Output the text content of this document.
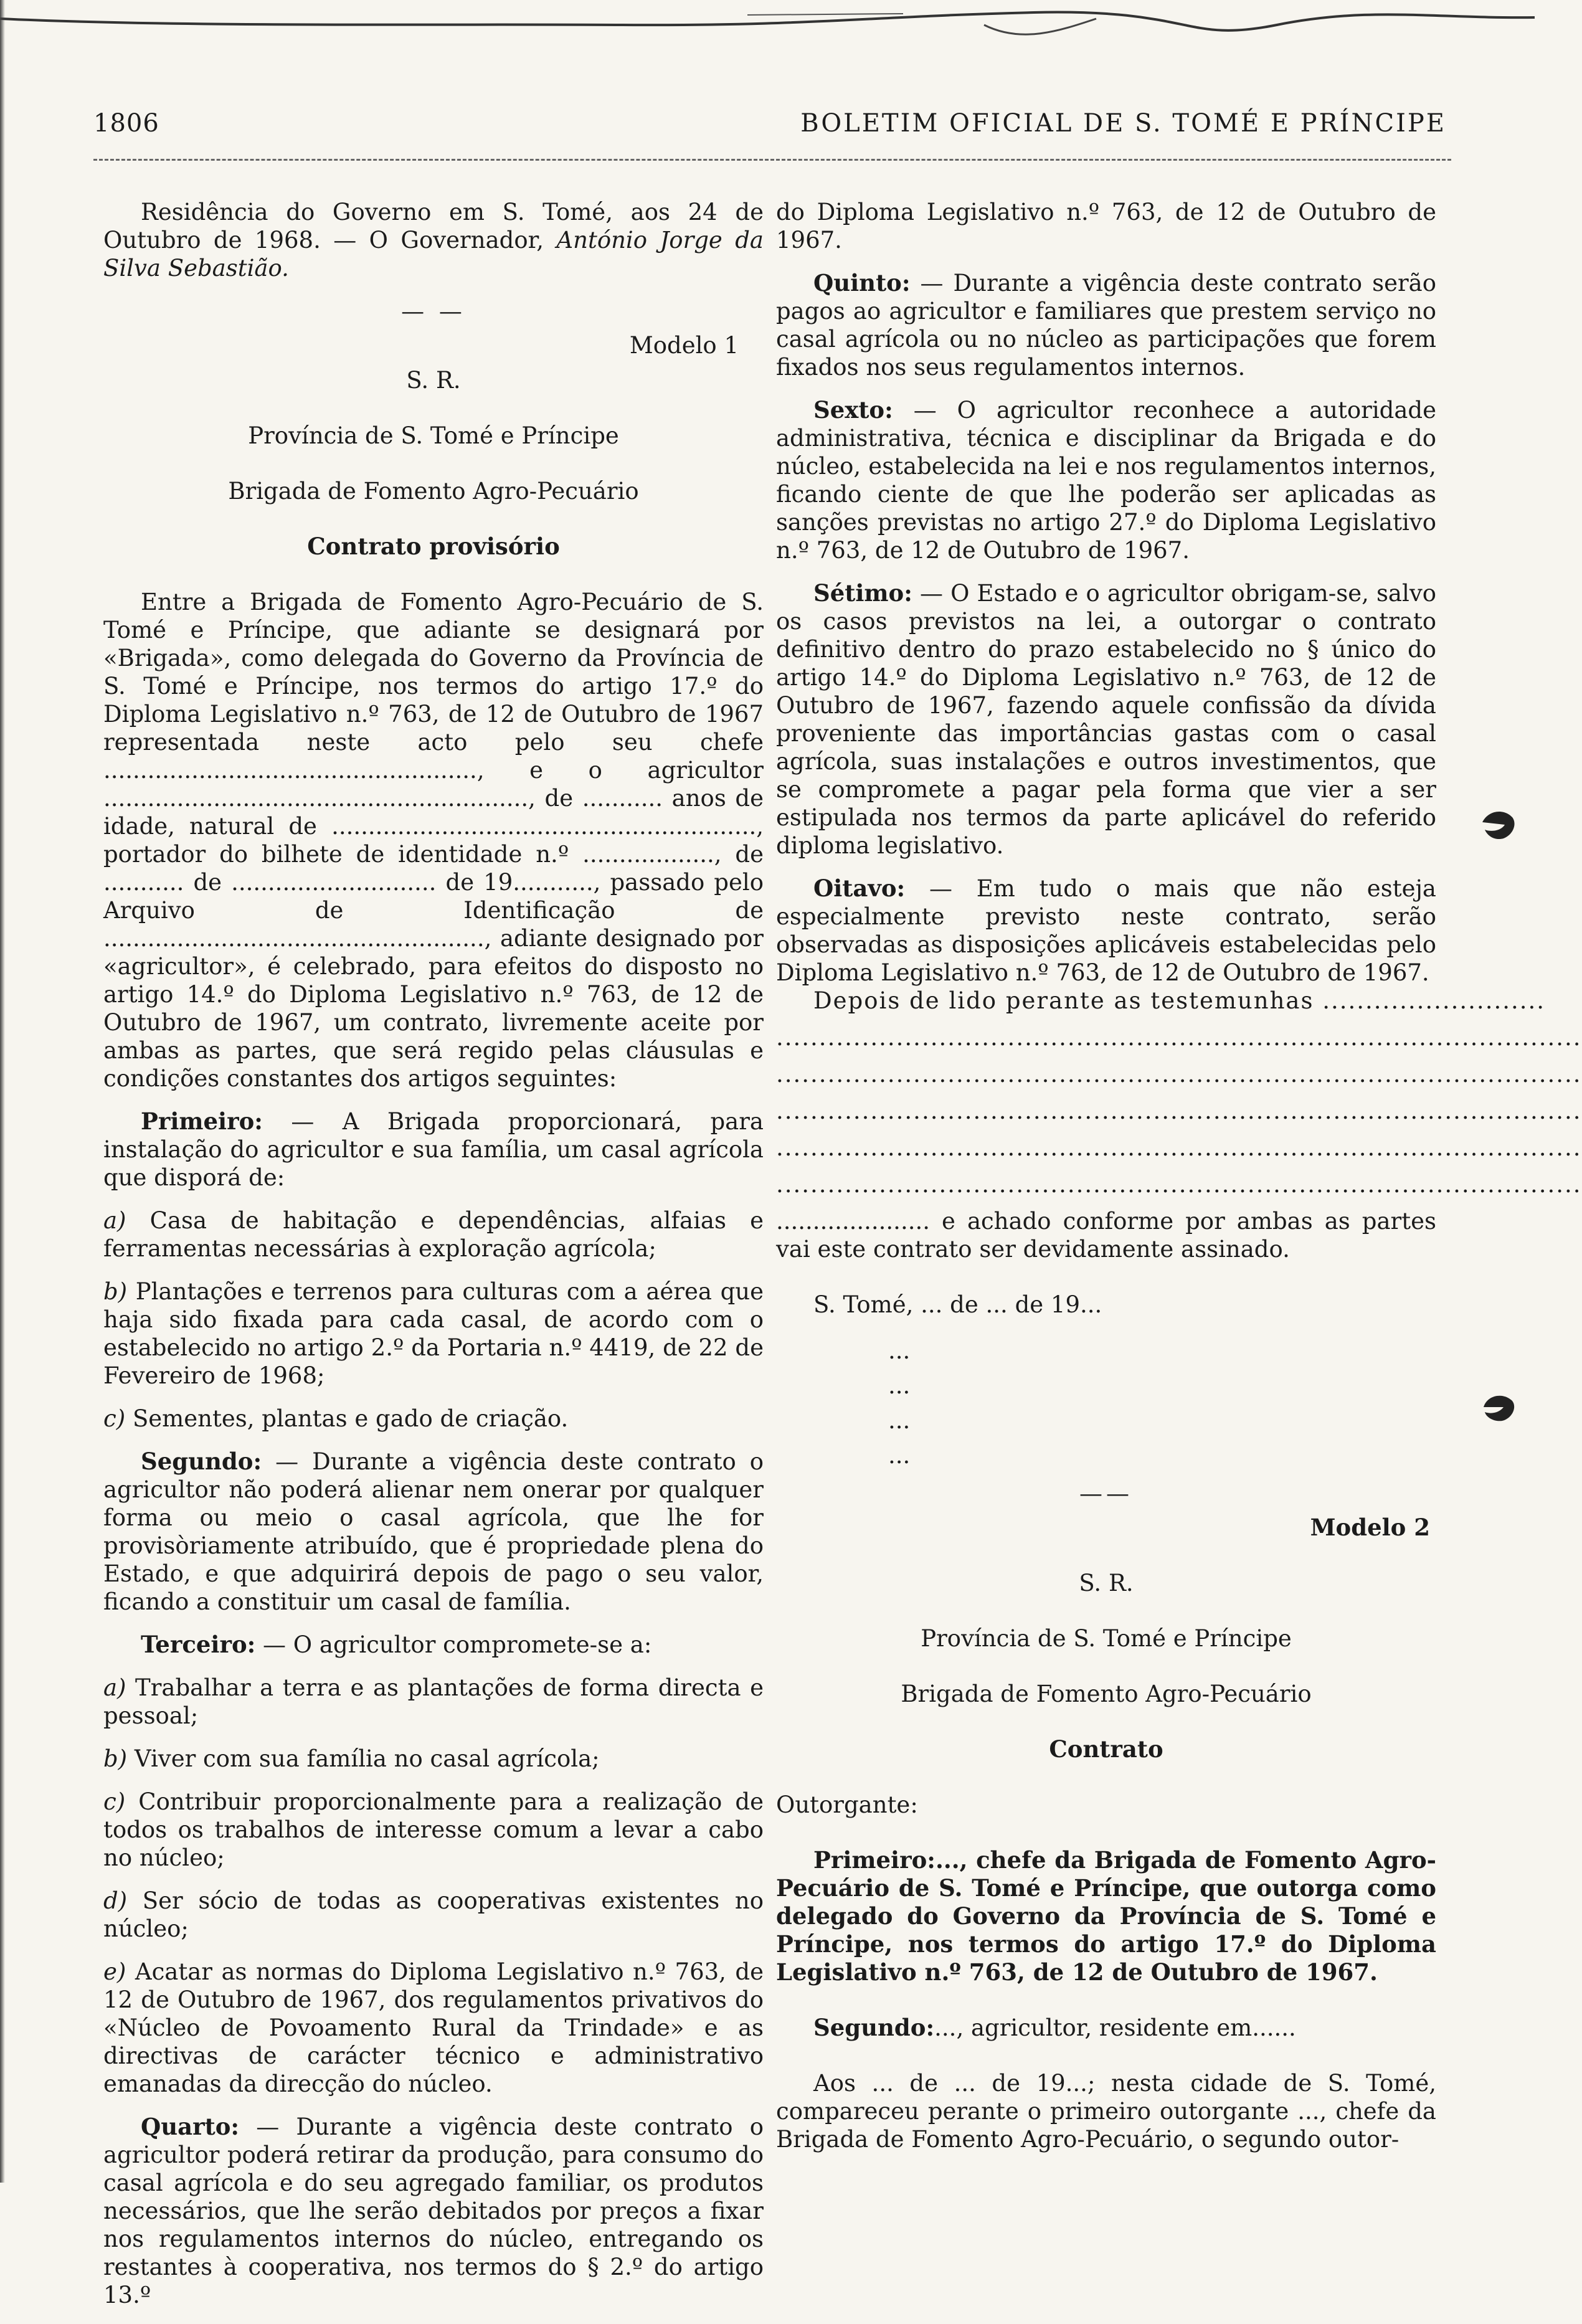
1806	BOLETIM OFICIAL DE S. TOMÉ E PRÍNCIPE

Residência do Governo em S. Tomé, aos 24 de Outubro de 1968. — O Governador, António Jorge da Silva Sebastião.

— —
Modelo 1

S. R.

Província de S. Tomé e Príncipe

Brigada de Fomento Agro-Pecuário

Contrato provisório

Entre a Brigada de Fomento Agro-Pecuário de S. Tomé e Príncipe, que adiante se designará por «Brigada», como delegada do Governo da Província de S. Tomé e Príncipe, nos termos do artigo 17.º do Diploma Legislativo n.º 763, de 12 de Outubro de 1967 representada neste acto pelo seu chefe ..................................................., e o agricultor .........................................................., de ........... anos de idade, natural de .........................................................., portador do bilhete de identidade n.º .................., de ........... de ............................ de 19..........., passado pelo Arquivo de Identificação de ...................................................., adiante designado por «agricultor», é celebrado, para efeitos do disposto no artigo 14.º do Diploma Legislativo n.º 763, de 12 de Outubro de 1967, um contrato, livremente aceite por ambas as partes, que será regido pelas cláusulas e condições constantes dos artigos seguintes:

Primeiro: — A Brigada proporcionará, para instalação do agricultor e sua família, um casal agrícola que disporá de:

a) Casa de habitação e dependências, alfaias e ferramentas necessárias à exploração agrícola;

b) Plantações e terrenos para culturas com a aérea que haja sido fixada para cada casal, de acordo com o estabelecido no artigo 2.º da Portaria n.º 4419, de 22 de Fevereiro de 1968;

c) Sementes, plantas e gado de criação.

Segundo: — Durante a vigência deste contrato o agricultor não poderá alienar nem onerar por qualquer forma ou meio o casal agrícola, que lhe for provisòriamente atribuído, que é propriedade plena do Estado, e que adquirirá depois de pago o seu valor, ficando a constituir um casal de família.

Terceiro: — O agricultor compromete-se a:

a) Trabalhar a terra e as plantações de forma directa e pessoal;

b) Viver com sua família no casal agrícola;

c) Contribuir proporcionalmente para a realização de todos os trabalhos de interesse comum a levar a cabo no núcleo;

d) Ser sócio de todas as cooperativas existentes no núcleo;

e) Acatar as normas do Diploma Legislativo n.º 763, de 12 de Outubro de 1967, dos regulamentos privativos do «Núcleo de Povoamento Rural da Trindade» e as directivas de carácter técnico e administrativo emanadas da direcção do núcleo.

Quarto: — Durante a vigência deste contrato o agricultor poderá retirar da produção, para consumo do casal agrícola e do seu agregado familiar, os produtos necessários, que lhe serão debitados por preços a fixar nos regulamentos internos do núcleo, entregando os restantes à cooperativa, nos termos do § 2.º do artigo 13.º

do Diploma Legislativo n.º 763, de 12 de Outubro de 1967.

Quinto: — Durante a vigência deste contrato serão pagos ao agricultor e familiares que prestem serviço no casal agrícola ou no núcleo as participações que forem fixados nos seus regulamentos internos.

Sexto: — O agricultor reconhece a autoridade administrativa, técnica e disciplinar da Brigada e do núcleo, estabelecida na lei e nos regulamentos internos, ficando ciente de que lhe poderão ser aplicadas as sanções previstas no artigo 27.º do Diploma Legislativo n.º 763, de 12 de Outubro de 1967.

Sétimo: — O Estado e o agricultor obrigam-se, salvo os casos previstos na lei, a outorgar o contrato definitivo dentro do prazo estabelecido no § único do artigo 14.º do Diploma Legislativo n.º 763, de 12 de Outubro de 1967, fazendo aquele confissão da dívida proveniente das importâncias gastas com o casal agrícola, suas instalações e outros investimentos, que se compromete a pagar pela forma que vier a ser estipulada nos termos da parte aplicável do referido diploma legislativo.

Oitavo: — Em tudo o mais que não esteja especialmente previsto neste contrato, serão observadas as disposições aplicáveis estabelecidas pelo Diploma Legislativo n.º 763, de 12 de Outubro de 1967.

Depois de lido perante as testemunhas ..........................

..............................................................................................

..............................................................................................

..............................................................................................

..............................................................................................

..............................................................................................

..................... e achado conforme por ambas as partes vai este contrato ser devidamente assinado.

S. Tomé, ... de ... de 19...

...
...
...
...
——

Modelo 2

S. R.

Província de S. Tomé e Príncipe

Brigada de Fomento Agro-Pecuário

Contrato

Outorgante:

Primeiro:..., chefe da Brigada de Fomento Agro-Pecuário de S. Tomé e Príncipe, que outorga como delegado do Governo da Província de S. Tomé e Príncipe, nos termos do artigo 17.º do Diploma Legislativo n.º 763, de 12 de Outubro de 1967.

Segundo:..., agricultor, residente em......

Aos ... de ... de 19...; nesta cidade de S. Tomé, compareceu perante o primeiro outorgante ..., chefe da Brigada de Fomento Agro-Pecuário, o segundo outor-
